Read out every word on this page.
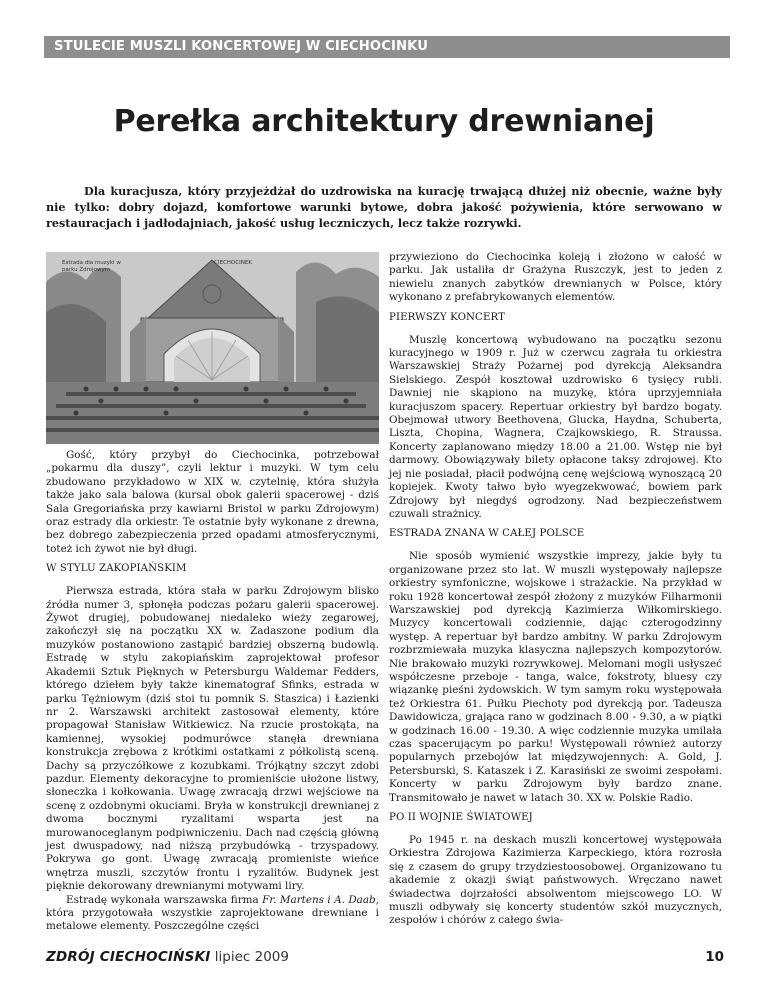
STULECIE MUSZLI KONCERTOWEJ W CIECHOCINKU
Perełka architektury drewnianej

Dla kuracjusza, który przyjeżdżał do uzdrowiska na kurację trwającą dłużej niż obecnie, ważne były nie tylko: dobry dojazd, komfortowe warunki bytowe, dobra jakość pożywienia, które serwowano w restauracjach i jadłodajniach, jakość usług leczniczych, lecz także rozrywki.

Estrada dla muzyki w parku Zdrojowym
CIECHOCINEK

Gość, który przybył do Ciechocinka, potrzebował „pokarmu dla duszy”, czyli lektur i muzyki. W tym celu zbudowano przykładowo w XIX w. czytelnię, która służyła także jako sala balowa (kursal obok galerii spacerowej - dziś Sala Gregoriańska przy kawiarni Bristol w parku Zdrojowym) oraz estrady dla orkiestr. Te ostatnie były wykonane z drewna, bez dobrego zabezpieczenia przed opadami atmosferycznymi, toteż ich żywot nie był długi.

W STYLU ZAKOPIAŃSKIM

Pierwsza estrada, która stała w parku Zdrojowym blisko źródła numer 3, spłonęła podczas pożaru galerii spacerowej. Żywot drugiej, pobudowanej niedaleko wieży zegarowej, zakończył się na początku XX w. Zadaszone podium dla muzyków postanowiono zastąpić bardziej obszerną budowlą. Estradę w stylu zakopiańskim zaprojektował profesor Akademii Sztuk Pięknych w Petersburgu Waldemar Fedders, którego dziełem były także kinematograf Sfinks, estrada w parku Tężniowym (dziś stoi tu pomnik S. Staszica) i Łazienki nr 2. Warszawski architekt zastosował elementy, które propagował Stanisław Witkiewicz. Na rzucie prostokąta, na kamiennej, wysokiej podmurówce stanęła drewniana konstrukcja zrębowa z krótkimi ostatkami z półkolistą sceną. Dachy są przyczółkowe z kozubkami. Trójkątny szczyt zdobi pazdur. Elementy dekoracyjne to promieniście ułożone listwy, słoneczka i kołkowania. Uwagę zwracają drzwi wejściowe na scenę z ozdobnymi okuciami. Bryła w konstrukcji drewnianej z dwoma bocznymi ryzalitami wsparta jest na murowanoceglanym podpiwniczeniu. Dach nad częścią główną jest dwuspadowy, nad niższą przybudówką - trzyspadowy. Pokrywa go gont. Uwagę zwracają promieniste wieńce wnętrza muszli, szczytów frontu i ryzalitów. Budynek jest pięknie dekorowany drewnianymi motywami liry.

Estradę wykonała warszawska firma Fr. Martens i A. Daab, która przygotowała wszystkie zaprojektowane drewniane i metalowe elementy. Poszczególne części

przywieziono do Ciechocinka koleją i złożono w całość w parku. Jak ustaliła dr Grażyna Ruszczyk, jest to jeden z niewielu znanych zabytków drewnianych w Polsce, który wykonano z prefabrykowanych elementów.

PIERWSZY KONCERT

Muszlę koncertową wybudowano na początku sezonu kuracyjnego w 1909 r. Już w czerwcu zagrała tu orkiestra Warszawskiej Straży Pożarnej pod dyrekcją Aleksandra Sielskiego. Zespół kosztował uzdrowisko 6 tysięcy rubli. Dawniej nie skąpiono na muzykę, która uprzyjemniała kuracjuszom spacery. Repertuar orkiestry był bardzo bogaty. Obejmował utwory Beethovena, Glucka, Haydna, Schuberta, Liszta, Chopina, Wagnera, Czajkowskiego, R. Straussa. Koncerty zaplanowano między 18.00 a 21.00. Wstęp nie był darmowy. Obowiązywały bilety opłacone taksy zdrojowej. Kto jej nie posiadał, płacił podwójną cenę wejściową wynoszącą 20 kopiejek. Kwoty tałwo było wyegzekwować, bowiem park Zdrojowy był niegdyś ogrodzony. Nad bezpieczeństwem czuwali strażnicy.

ESTRADA ZNANA W CAŁEJ POLSCE

Nie sposób wymienić wszystkie imprezy, jakie były tu organizowane przez sto lat. W muszli występowały najlepsze orkiestry symfoniczne, wojskowe i strażackie. Na przykład w roku 1928 koncertował zespół złożony z muzyków Filharmonii Warszawskiej pod dyrekcją Kazimierza Wiłkomirskiego. Muzycy koncertowali codziennie, dając czterogodzinny występ. A repertuar był bardzo ambitny. W parku Zdrojowym rozbrzmiewała muzyka klasyczna najlepszych kompozytorów. Nie brakowało muzyki rozrywkowej. Melomani mogli usłyszeć współczesne przeboje - tanga, walce, fokstroty, bluesy czy wiązankę pieśni żydowskich. W tym samym roku występowała też Orkiestra 61. Pułku Piechoty pod dyrekcją por. Tadeusza Dawidowicza, grająca rano w godzinach 8.00 - 9.30, a w piątki w godzinach 16.00 - 19.30. A więc codziennie muzyka umilała czas spacerującym po parku! Występowali również autorzy popularnych przebojów lat międzywojennych: A. Gold, J. Petersburski, S. Kataszek i Z. Karasiński ze swoimi zespołami. Koncerty w parku Zdrojowym były bardzo znane. Transmitowało je nawet w latach 30. XX w. Polskie Radio.

PO II WOJNIE ŚWIATOWEJ

Po 1945 r. na deskach muszli koncertowej występowała Orkiestra Zdrojowa Kazimierza Karpeckiego, która rozrosła się z czasem do grupy trzydziestoosobowej. Organizowano tu akademie z okazji świąt państwowych. Wręczano nawet świadectwa dojrzałości absolwentom miejscowego LO. W muszli odbywały się koncerty studentów szkół muzycznych, zespołów i chórów z całego świa-

ZDRÓJ CIECHOCIŃSKI lipiec 2009	10
